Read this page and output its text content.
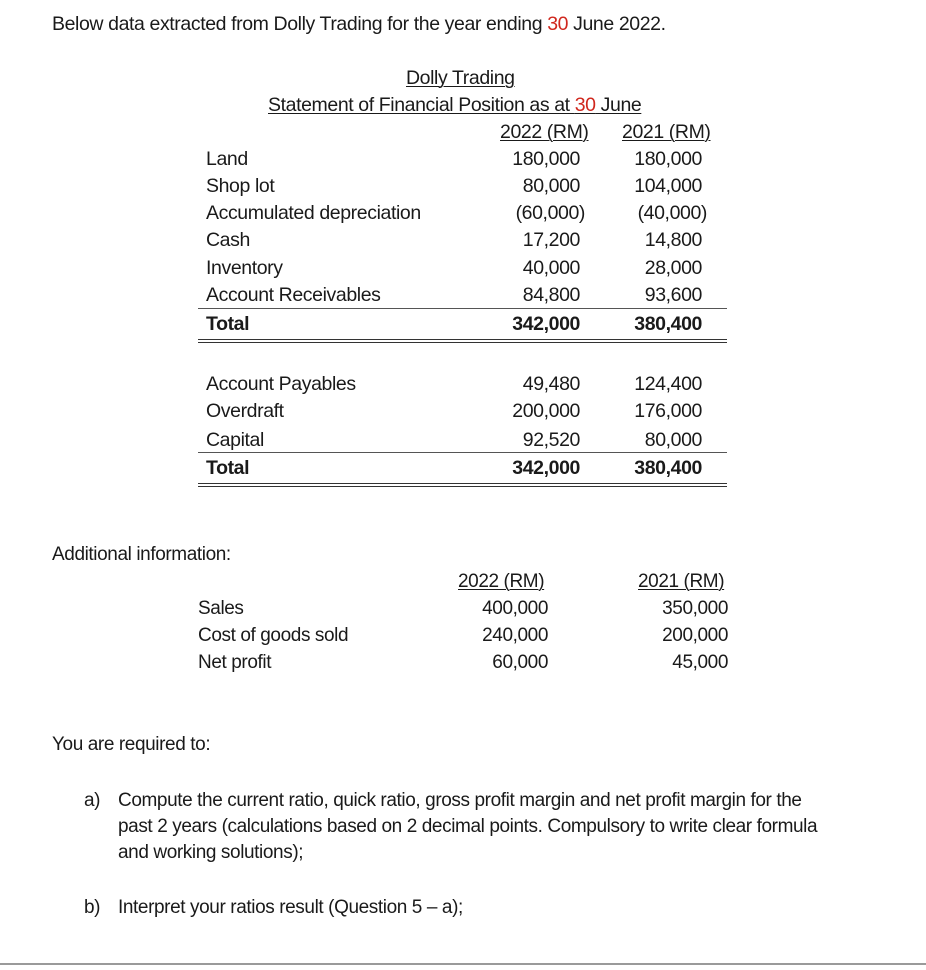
Below data extracted from Dolly Trading for the year ending 30 June 2022.
Dolly Trading
Statement of Financial Position as at 30 June
2022 (RM) 2021 (RM)
Land	180,000	180,000
Shop lot	80,000	104,000
Accumulated depreciation	(60,000)	(40,000)
Cash	17,200	14,800
Inventory	40,000	28,000
Account Receivables	84,800	93,600
Total	342,000	380,400
Account Payables	49,480	124,400
Overdraft	200,000	176,000
Capital	92,520	80,000
Total	342,000	380,400
Additional information:
2022 (RM)	2021 (RM)
Sales	400,000	350,000
Cost of goods sold	240,000	200,000
Net profit	60,000	45,000
You are required to:
a) Compute the current ratio, quick ratio, gross profit margin and net profit margin for the
past 2 years (calculations based on 2 decimal points. Compulsory to write clear formula
and working solutions);
b) Interpret your ratios result (Question 5 – a);
